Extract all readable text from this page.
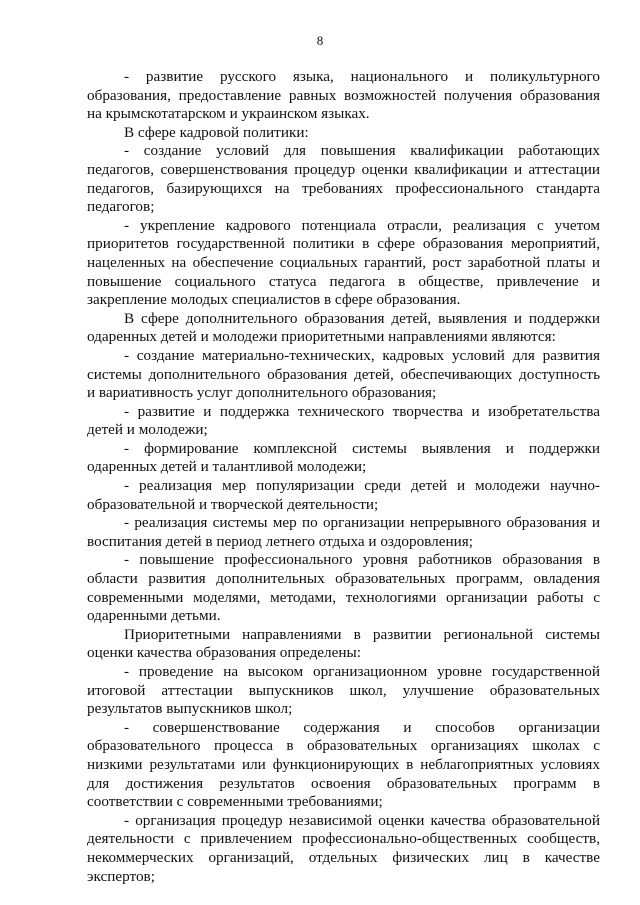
8
- развитие русского языка, национального и поликультурного
образования, предоставление равных возможностей получения образования
на крымскотатарском и украинском языках.
В сфере кадровой политики:
- создание условий для повышения квалификации работающих
педагогов, совершенствования процедур оценки квалификации и аттестации
педагогов, базирующихся на требованиях профессионального стандарта
педагогов;
- укрепление кадрового потенциала отрасли, реализация с учетом
приоритетов государственной политики в сфере образования мероприятий,
нацеленных на обеспечение социальных гарантий, рост заработной платы и
повышение социального статуса педагога в обществе, привлечение и
закрепление молодых специалистов в сфере образования.
В сфере дополнительного образования детей, выявления и поддержки
одаренных детей и молодежи приоритетными направлениями являются:
- создание материально-технических, кадровых условий для развития
системы дополнительного образования детей, обеспечивающих доступность
и вариативность услуг дополнительного образования;
- развитие и поддержка технического творчества и изобретательства
детей и молодежи;
- формирование комплексной системы выявления и поддержки
одаренных детей и талантливой молодежи;
- реализация мер популяризации среди детей и молодежи научно-
образовательной и творческой деятельности;
- реализация системы мер по организации непрерывного образования и
воспитания детей в период летнего отдыха и оздоровления;
- повышение профессионального уровня работников образования в
области развития дополнительных образовательных программ, овладения
современными моделями, методами, технологиями организации работы с
одаренными детьми.
Приоритетными направлениями в развитии региональной системы
оценки качества образования определены:
- проведение на высоком организационном уровне государственной
итоговой аттестации выпускников школ, улучшение образовательных
результатов выпускников школ;
- совершенствование содержания и способов организации
образовательного процесса в образовательных организациях школах с
низкими результатами или функционирующих в неблагоприятных условиях
для достижения результатов освоения образовательных программ в
соответствии с современными требованиями;
- организация процедур независимой оценки качества образовательной
деятельности с привлечением профессионально-общественных сообществ,
некоммерческих организаций, отдельных физических лиц в качестве
экспертов;
